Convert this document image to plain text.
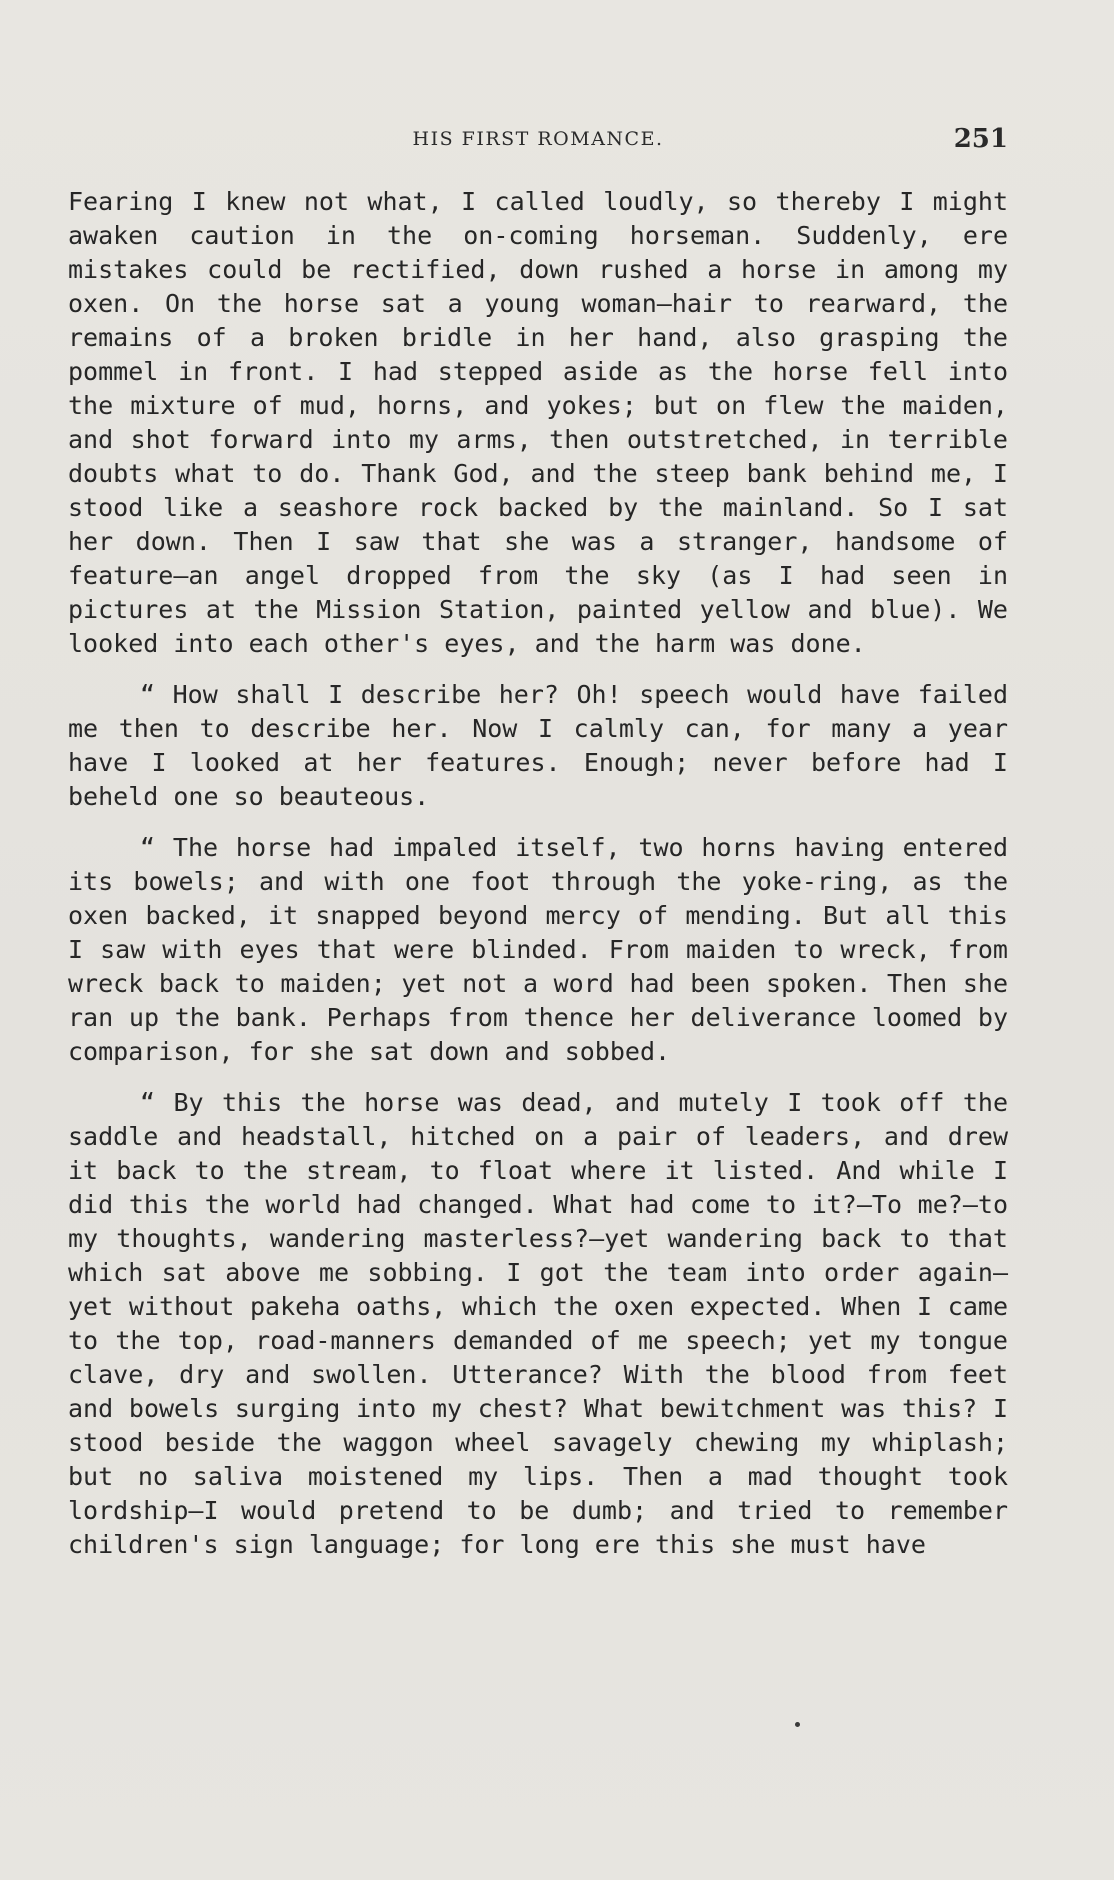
HIS FIRST ROMANCE.	251

Fearing I knew not what, I called loudly, so thereby I might awaken caution in the on-coming horseman. Suddenly, ere mistakes could be rectified, down rushed a horse in among my oxen. On the horse sat a young woman—hair to rearward, the remains of a broken bridle in her hand, also grasping the pommel in front. I had stepped aside as the horse fell into the mixture of mud, horns, and yokes; but on flew the maiden, and shot forward into my arms, then outstretched, in terrible doubts what to do. Thank God, and the steep bank behind me, I stood like a seashore rock backed by the mainland. So I sat her down. Then I saw that she was a stranger, handsome of feature—an angel dropped from the sky (as I had seen in pictures at the Mission Station, painted yellow and blue). We looked into each other's eyes, and the harm was done.

“ How shall I describe her? Oh! speech would have failed me then to describe her. Now I calmly can, for many a year have I looked at her features. Enough; never before had I beheld one so beauteous.

“ The horse had impaled itself, two horns having entered its bowels; and with one foot through the yoke-ring, as the oxen backed, it snapped beyond mercy of mending. But all this I saw with eyes that were blinded. From maiden to wreck, from wreck back to maiden; yet not a word had been spoken. Then she ran up the bank. Perhaps from thence her deliverance loomed by comparison, for she sat down and sobbed.

“ By this the horse was dead, and mutely I took off the saddle and headstall, hitched on a pair of leaders, and drew it back to the stream, to float where it listed. And while I did this the world had changed. What had come to it?—To me?—to my thoughts, wandering masterless?—yet wandering back to that which sat above me sobbing. I got the team into order again—yet without pakeha oaths, which the oxen expected. When I came to the top, road-manners demanded of me speech; yet my tongue clave, dry and swollen. Utterance? With the blood from feet and bowels surging into my chest? What bewitchment was this? I stood beside the waggon wheel savagely chewing my whiplash; but no saliva moistened my lips. Then a mad thought took lordship—I would pretend to be dumb; and tried to remember children's sign language; for long ere this she must have
